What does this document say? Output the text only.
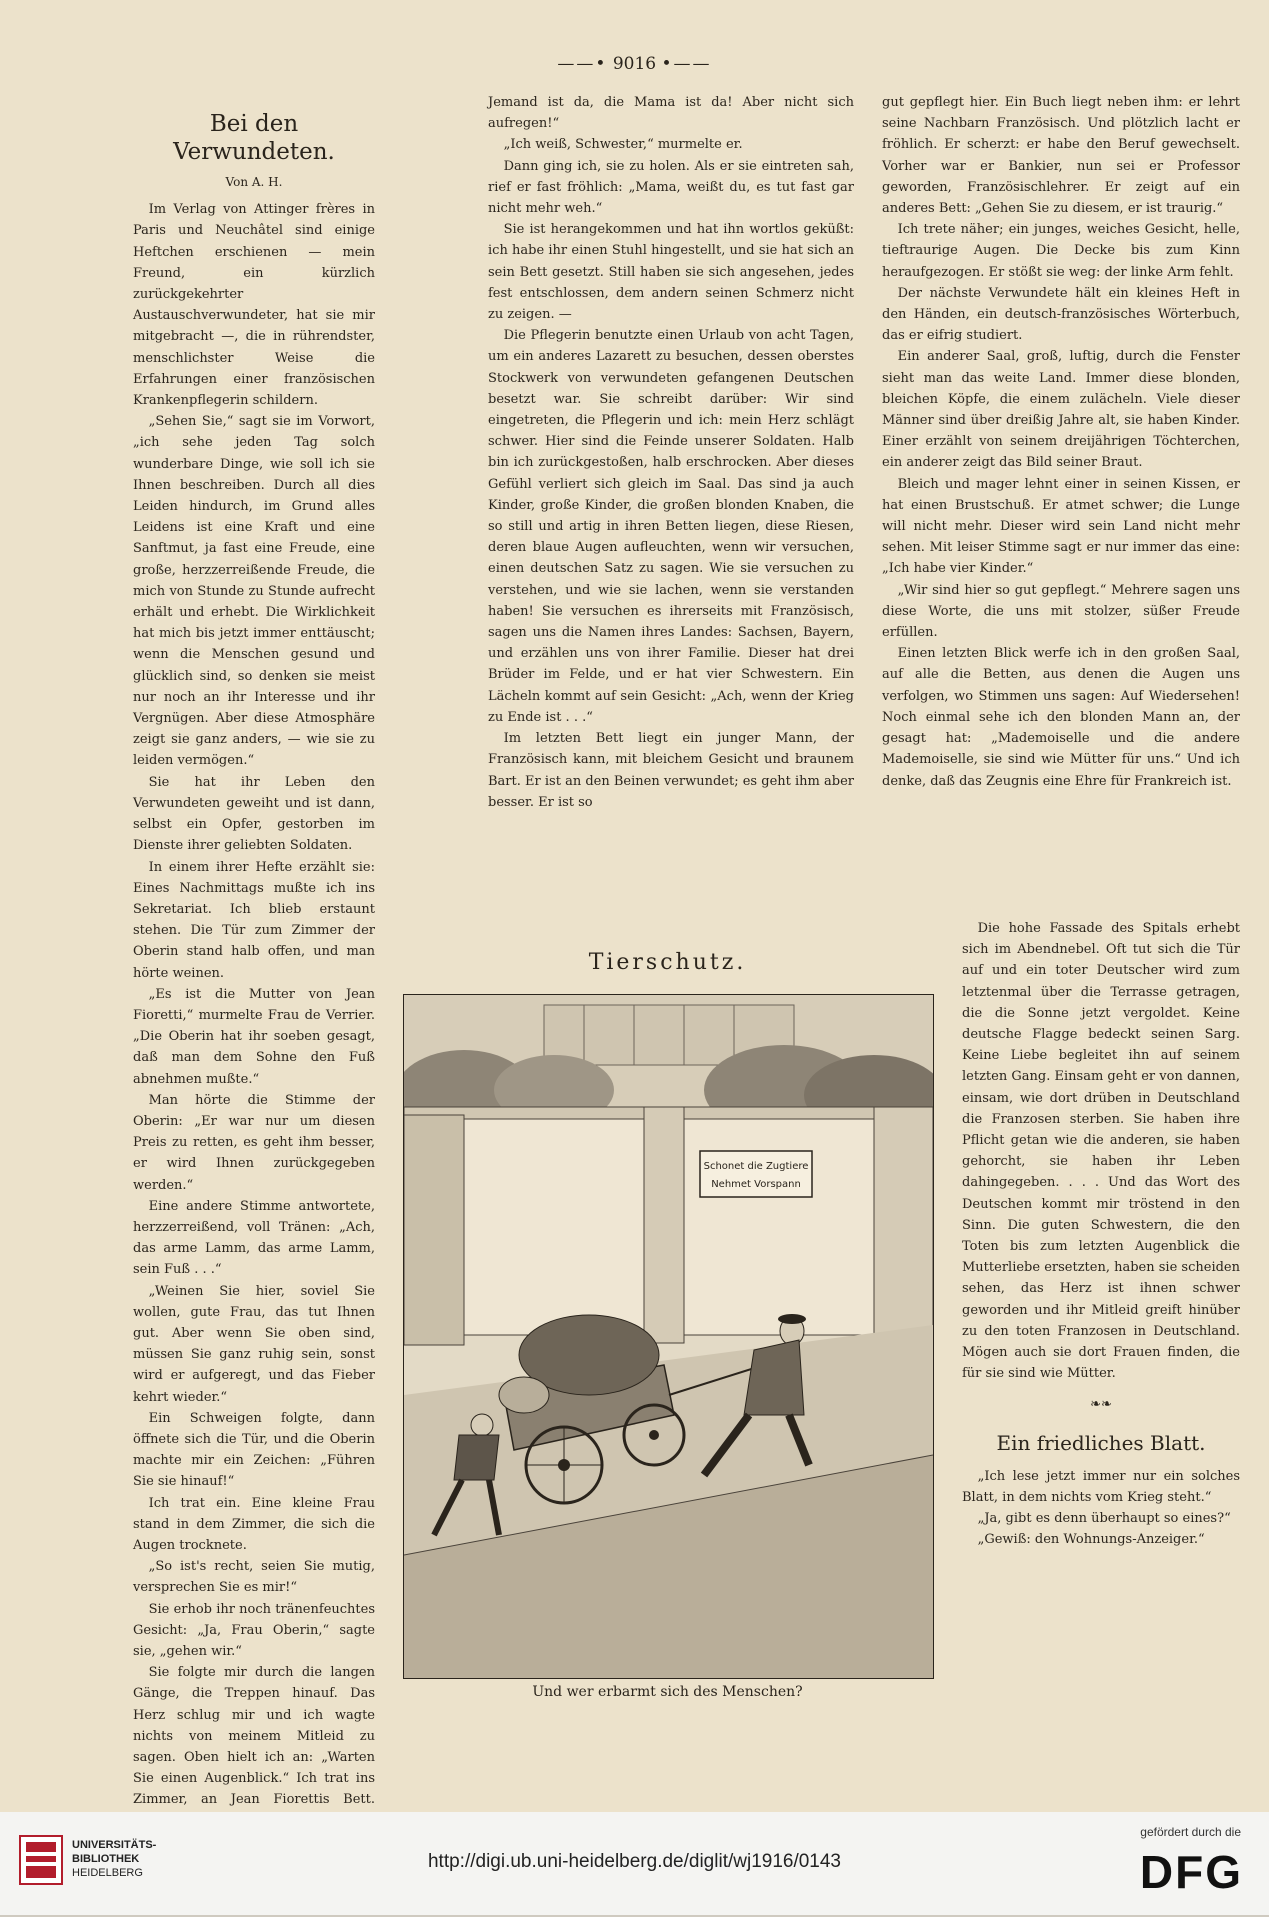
——• 9016 •——
Bei den Verwundeten.
Von A. H.

Im Verlag von Attinger frères in Paris und Neuchâtel sind einige Heftchen erschienen — mein Freund, ein kürzlich zurückgekehrter Austauschverwundeter, hat sie mir mitgebracht —, die in rührendster, menschlichster Weise die Erfahrungen einer französischen Krankenpflegerin schildern.

„Sehen Sie,“ sagt sie im Vorwort, „ich sehe jeden Tag solch wunderbare Dinge, wie soll ich sie Ihnen beschreiben. Durch all dies Leiden hindurch, im Grund alles Leidens ist eine Kraft und eine Sanftmut, ja fast eine Freude, eine große, herzzerreißende Freude, die mich von Stunde zu Stunde aufrecht erhält und erhebt. Die Wirklichkeit hat mich bis jetzt immer enttäuscht; wenn die Menschen gesund und glücklich sind, so denken sie meist nur noch an ihr Interesse und ihr Vergnügen. Aber diese Atmosphäre zeigt sie ganz anders, — wie sie zu leiden vermögen.“

Sie hat ihr Leben den Verwundeten geweiht und ist dann, selbst ein Opfer, gestorben im Dienste ihrer geliebten Soldaten.

In einem ihrer Hefte erzählt sie: Eines Nachmittags mußte ich ins Sekretariat. Ich blieb erstaunt stehen. Die Tür zum Zimmer der Oberin stand halb offen, und man hörte weinen.

„Es ist die Mutter von Jean Fioretti,“ murmelte Frau de Verrier. „Die Oberin hat ihr soeben gesagt, daß man dem Sohne den Fuß abnehmen mußte.“

Man hörte die Stimme der Oberin: „Er war nur um diesen Preis zu retten, es geht ihm besser, er wird Ihnen zurückgegeben werden.“

Eine andere Stimme antwortete, herzzerreißend, voll Tränen: „Ach, das arme Lamm, das arme Lamm, sein Fuß . . .“

„Weinen Sie hier, soviel Sie wollen, gute Frau, das tut Ihnen gut. Aber wenn Sie oben sind, müssen Sie ganz ruhig sein, sonst wird er aufgeregt, und das Fieber kehrt wieder.“

Ein Schweigen folgte, dann öffnete sich die Tür, und die Oberin machte mir ein Zeichen: „Führen Sie sie hinauf!“

Ich trat ein. Eine kleine Frau stand in dem Zimmer, die sich die Augen trocknete.

„So ist's recht, seien Sie mutig, versprechen Sie es mir!“

Sie erhob ihr noch tränenfeuchtes Gesicht: „Ja, Frau Oberin,“ sagte sie, „gehen wir.“

Sie folgte mir durch die langen Gänge, die Treppen hinauf. Das Herz schlug mir und ich wagte nichts von meinem Mitleid zu sagen. Oben hielt ich an: „Warten Sie einen Augenblick.“ Ich trat ins Zimmer, an Jean Fiorettis Bett.

Jemand ist da, die Mama ist da! Aber nicht sich aufregen!“

„Ich weiß, Schwester,“ murmelte er.

Dann ging ich, sie zu holen. Als er sie eintreten sah, rief er fast fröhlich: „Mama, weißt du, es tut fast gar nicht mehr weh.“

Sie ist herangekommen und hat ihn wortlos geküßt: ich habe ihr einen Stuhl hingestellt, und sie hat sich an sein Bett gesetzt. Still haben sie sich angesehen, jedes fest entschlossen, dem andern seinen Schmerz nicht zu zeigen. —

Die Pflegerin benutzte einen Urlaub von acht Tagen, um ein anderes Lazarett zu besuchen, dessen oberstes Stockwerk von verwundeten gefangenen Deutschen besetzt war. Sie schreibt darüber: Wir sind eingetreten, die Pflegerin und ich: mein Herz schlägt schwer. Hier sind die Feinde unserer Soldaten. Halb bin ich zurückgestoßen, halb erschrocken. Aber dieses Gefühl verliert sich gleich im Saal. Das sind ja auch Kinder, große Kinder, die großen blonden Knaben, die so still und artig in ihren Betten liegen, diese Riesen, deren blaue Augen aufleuchten, wenn wir versuchen, einen deutschen Satz zu sagen. Wie sie versuchen zu verstehen, und wie sie lachen, wenn sie verstanden haben! Sie versuchen es ihrerseits mit Französisch, sagen uns die Namen ihres Landes: Sachsen, Bayern, und erzählen uns von ihrer Familie. Dieser hat drei Brüder im Felde, und er hat vier Schwestern. Ein Lächeln kommt auf sein Gesicht: „Ach, wenn der Krieg zu Ende ist . . .“

Im letzten Bett liegt ein junger Mann, der Französisch kann, mit bleichem Gesicht und braunem Bart. Er ist an den Beinen verwundet; es geht ihm aber besser. Er ist so

gut gepflegt hier. Ein Buch liegt neben ihm: er lehrt seine Nachbarn Französisch. Und plötzlich lacht er fröhlich. Er scherzt: er habe den Beruf gewechselt. Vorher war er Bankier, nun sei er Professor geworden, Französischlehrer. Er zeigt auf ein anderes Bett: „Gehen Sie zu diesem, er ist traurig.“

Ich trete näher; ein junges, weiches Gesicht, helle, tieftraurige Augen. Die Decke bis zum Kinn heraufgezogen. Er stößt sie weg: der linke Arm fehlt.

Der nächste Verwundete hält ein kleines Heft in den Händen, ein deutsch-französisches Wörterbuch, das er eifrig studiert.

Ein anderer Saal, groß, luftig, durch die Fenster sieht man das weite Land. Immer diese blonden, bleichen Köpfe, die einem zulächeln. Viele dieser Männer sind über dreißig Jahre alt, sie haben Kinder. Einer erzählt von seinem dreijährigen Töchterchen, ein anderer zeigt das Bild seiner Braut.

Bleich und mager lehnt einer in seinen Kissen, er hat einen Brustschuß. Er atmet schwer; die Lunge will nicht mehr. Dieser wird sein Land nicht mehr sehen. Mit leiser Stimme sagt er nur immer das eine: „Ich habe vier Kinder.“

„Wir sind hier so gut gepflegt.“ Mehrere sagen uns diese Worte, die uns mit stolzer, süßer Freude erfüllen.

Einen letzten Blick werfe ich in den großen Saal, auf alle die Betten, aus denen die Augen uns verfolgen, wo Stimmen uns sagen: Auf Wiedersehen! Noch einmal sehe ich den blonden Mann an, der gesagt hat: „Mademoiselle und die andere Mademoiselle, sie sind wie Mütter für uns.“ Und ich denke, daß das Zeugnis eine Ehre für Frankreich ist.

Die hohe Fassade des Spitals erhebt sich im Abendnebel. Oft tut sich die Tür auf und ein toter Deutscher wird zum letztenmal über die Terrasse getragen, die die Sonne jetzt vergoldet. Keine deutsche Flagge bedeckt seinen Sarg. Keine Liebe begleitet ihn auf seinem letzten Gang. Einsam geht er von dannen, einsam, wie dort drüben in Deutschland die Franzosen sterben. Sie haben ihre Pflicht getan wie die anderen, sie haben gehorcht, sie haben ihr Leben dahingegeben. . . . Und das Wort des Deutschen kommt mir tröstend in den Sinn. Die guten Schwestern, die den Toten bis zum letzten Augenblick die Mutterliebe ersetzten, haben sie scheiden sehen, das Herz ist ihnen schwer geworden und ihr Mitleid greift hinüber zu den toten Franzosen in Deutschland. Mögen auch sie dort Frauen finden, die für sie sind wie Mütter.

❧❧
Ein friedliches Blatt.

„Ich lese jetzt immer nur ein solches Blatt, in dem nichts vom Krieg steht.“

„Ja, gibt es denn überhaupt so eines?“

„Gewiß: den Wohnungs-Anzeiger.“

Tierschutz.
Schonet die Zugtiere
Nehmet Vorspann
Und wer erbarmt sich des Menschen?
UNIVERSITÄTS-
BIBLIOTHEK
HEIDELBERG
http://digi.ub.uni-heidelberg.de/diglit/wj1916/0143
gefördert durch die
DFG
